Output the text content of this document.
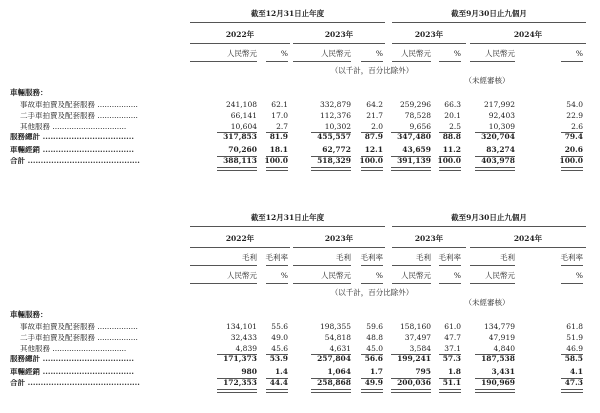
截至12月31日止年度	截至9月30日止九個月
2022年	2023年	2023年	2024年
人民幣元	%	人民幣元	%	人民幣元	%	人民幣元	%
（以千計，百分比除外）
（未經審核）
車輛服務：
事故車拍賣及配套服務 .................	241,108	62.1	332,879	64.2	259,296	66.3	217,992	54.0
二手車拍賣及配套服務 .................	66,141	17.0	112,376	21.7	78,528	20.1	92,403	22.9
其他服務 ...............................	10,604	2.7	10,302	2.0	9,656	2.5	10,309	2.6
服務總計 ...................................	317,853	81.9	455,557	87.9	347,480	88.8	320,704	79.4
車輛經銷 ...................................	70,260	18.1	62,772	12.1	43,659	11.2	83,274	20.6
合計 ...........................................	388,113	100.0	518,329	100.0	391,139 100.0	403,978	100.0
截至12月31日止年度	截至9月30日止九個月
2022年	2023年	2023年	2024年
毛利	毛利率	毛利	毛利率	毛利	毛利率	毛利	毛利率
人民幣元	%	人民幣元	%	人民幣元	%	人民幣元	%
（以千計，百分比除外）
（未經審核）
車輛服務：
事故車拍賣及配套服務 .................	134,101	55.6	198,355	59.6	158,160	61.0	134,779	61.8
二手車拍賣及配套服務 .................	32,433	49.0	54,818	48.8	37,497	47.7	47,919	51.9
其他服務 ...............................	4,839	45.6	4,631	45.0	3,584	37.1	4,840	46.9
服務總計 ...................................	171,373	53.9	257,804	56.6	199,241	57.3	187,538	58.5
車輛經銷 ...................................	980	1.4	1,064	1.7	795	1.8	3,431	4.1
合計 ...........................................	172,353	44.4	258,868	49.9	200,036	51.1	190,969	47.3
